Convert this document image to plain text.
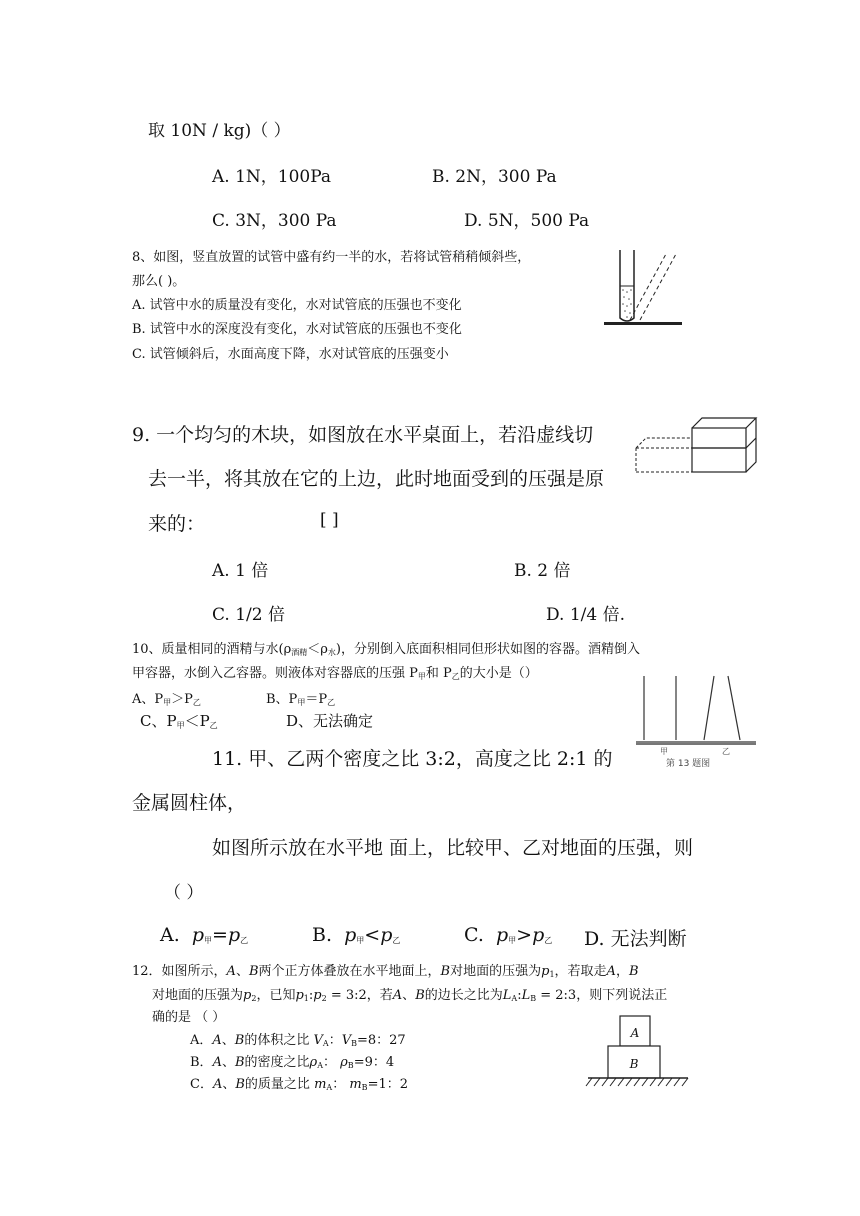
取 10N / kg)（ ）
A. 1N，100Pa	B. 2N，300 Pa
C. 3N，300 Pa	D. 5N，500 Pa
8、如图，竖直放置的试管中盛有约一半的水，若将试管稍稍倾斜些，
那么( )。
A. 试管中水的质量没有变化，水对试管底的压强也不变化
B. 试管中水的深度没有变化，水对试管底的压强也不变化
C. 试管倾斜后，水面高度下降，水对试管底的压强变小
9. 一个均匀的木块，如图放在水平桌面上，若沿虚线切
去一半，将其放在它的上边，此时地面受到的压强是原
来的：	[ ]
A. 1 倍	B. 2 倍
C. 1/2 倍	D. 1/4 倍.
10、质量相同的酒精与水$(\rho_{酒精}<\rho_水)$，分别倒入底面积相同但形状如图的容器。酒精倒入
甲容器，水倒入乙容器。则液体对容器底的压强 $P_甲$和 $P_乙$的大小是（）
A、$P_甲>P_乙$	B、$P_甲=P_乙$
C、$P_甲<P_乙$	D、无法确定
甲	乙
第 13 题图
11. 甲、乙两个密度之比 3:2，高度之比 2:1 的
金属圆柱体，
如图所示放在水平地 面上，比较甲、乙对地面的压强，则
（ ）
A. $p_甲=p_乙$	B. $p_甲<p_乙$	C. $p_甲>p_乙$ D. 无法判断
12．如图所示，A、B两个正方体叠放在水平地面上，B对地面的压强为$p_1$，若取走A，B
对地面的压强为$p_2$，已知$p_1:p_2$ = 3:2，若A、B的边长之比为$L_A:L_B$ = 2:3，则下列说法正
确的是 （ ）
A．A、B的体积之比 $V_A$：$V_B=8$：27
B．A、B的密度之比$\rho_A$： $\rho_B=9$：4
C．A、B的质量之比 $m_A$： $m_B=1$：2
A
B
